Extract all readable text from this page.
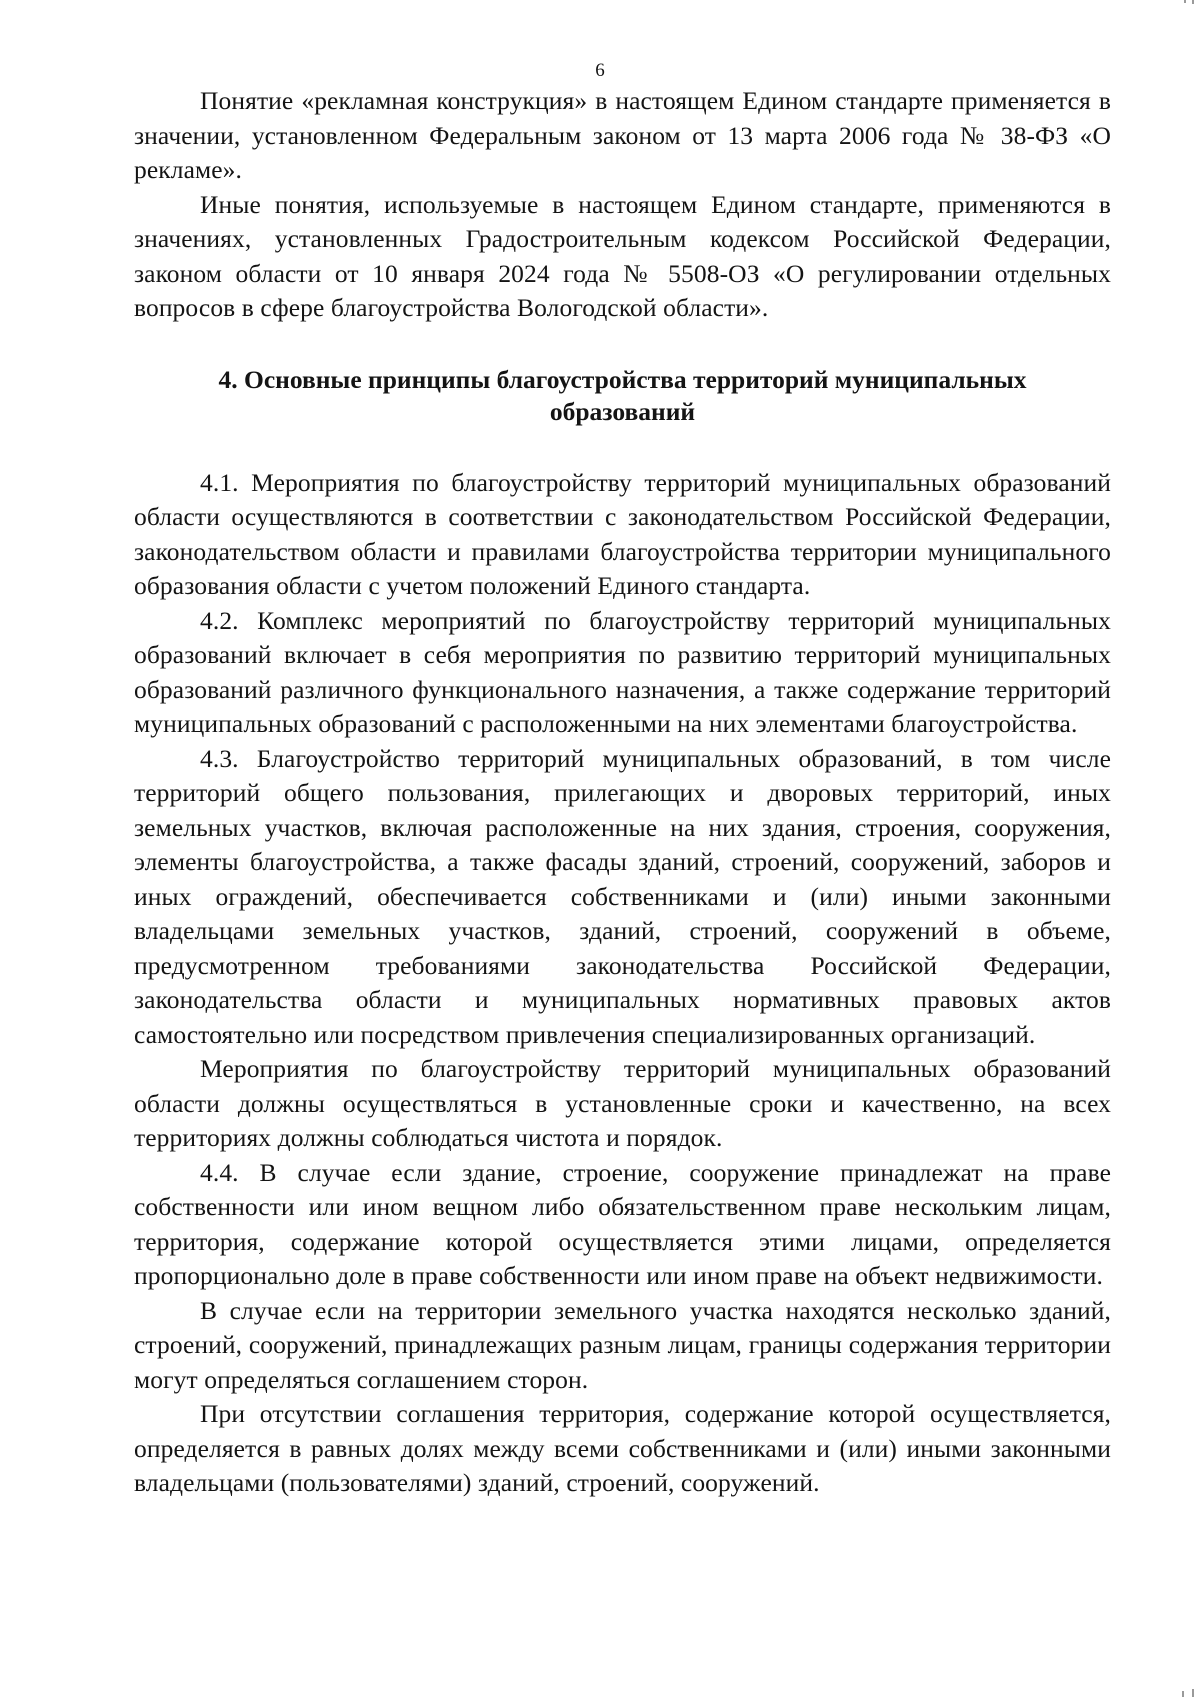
6

Понятие «рекламная конструкция» в настоящем Едином стандарте применяется в значении, установленном Федеральным законом от 13 марта 2006 года № 38-ФЗ «О рекламе».

Иные понятия, используемые в настоящем Едином стандарте, применяются в значениях, установленных Градостроительным кодексом Российской Федерации, законом области от 10 января 2024 года № 5508-ОЗ «О регулировании отдельных вопросов в сфере благоустройства Вологодской области».

4. Основные принципы благоустройства территорий муниципальных образований

4.1. Мероприятия по благоустройству территорий муниципальных образований области осуществляются в соответствии с законодательством Российской Федерации, законодательством области и правилами благоустройства территории муниципального образования области с учетом положений Единого стандарта.

4.2. Комплекс мероприятий по благоустройству территорий муниципальных образований включает в себя мероприятия по развитию территорий муниципальных образований различного функционального назначения, а также содержание территорий муниципальных образований с расположенными на них элементами благоустройства.

4.3. Благоустройство территорий муниципальных образований, в том числе территорий общего пользования, прилегающих и дворовых территорий, иных земельных участков, включая расположенные на них здания, строения, сооружения, элементы благоустройства, а также фасады зданий, строений, сооружений, заборов и иных ограждений, обеспечивается собственниками и (или) иными законными владельцами земельных участков, зданий, строений, сооружений в объеме, предусмотренном требованиями законодательства Российской Федерации, законодательства области и муниципальных нормативных правовых актов самостоятельно или посредством привлечения специализированных организаций.

Мероприятия по благоустройству территорий муниципальных образований области должны осуществляться в установленные сроки и качественно, на всех территориях должны соблюдаться чистота и порядок.

4.4. В случае если здание, строение, сооружение принадлежат на праве собственности или ином вещном либо обязательственном праве нескольким лицам, территория, содержание которой осуществляется этими лицами, определяется пропорционально доле в праве собственности или ином праве на объект недвижимости.

В случае если на территории земельного участка находятся несколько зданий, строений, сооружений, принадлежащих разным лицам, границы содержания территории могут определяться соглашением сторон.

При отсутствии соглашения территория, содержание которой осуществляется, определяется в равных долях между всеми собственниками и (или) иными законными владельцами (пользователями) зданий, строений, сооружений.
